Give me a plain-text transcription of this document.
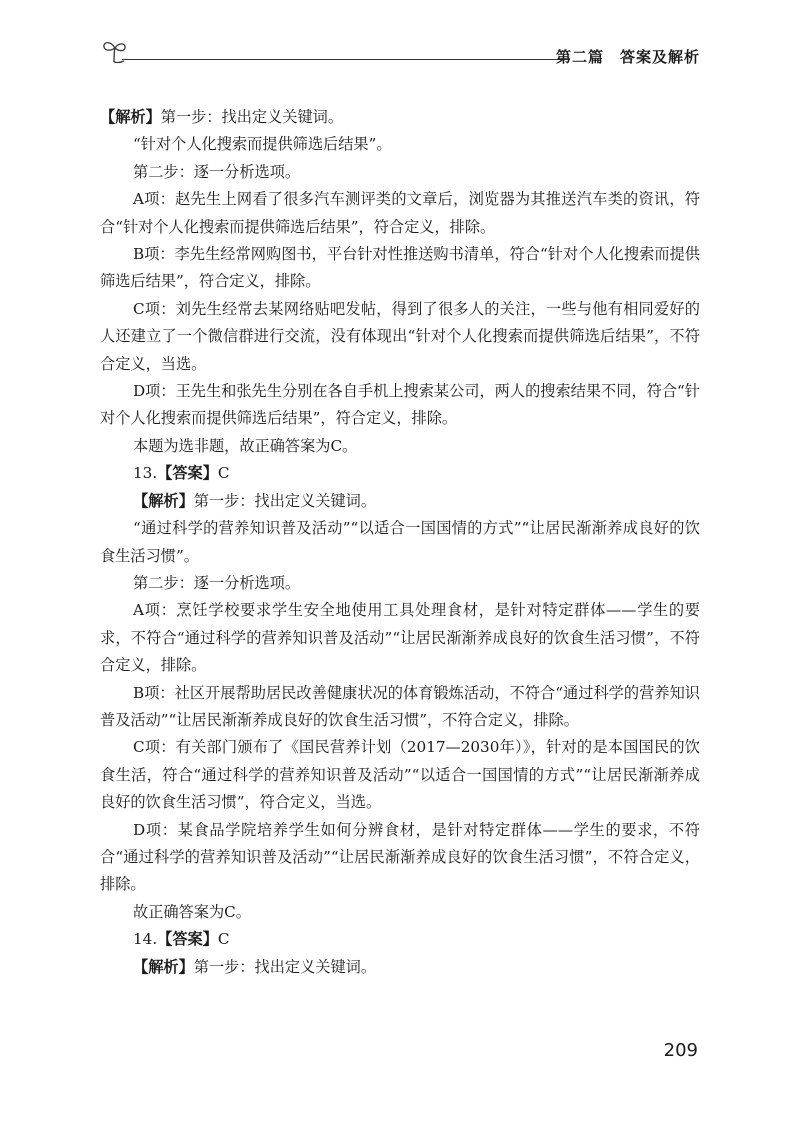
第二篇　答案及解析

【解析】第一步：找出定义关键词。

“针对个人化搜索而提供筛选后结果”。

第二步：逐一分析选项。

A项：赵先生上网看了很多汽车测评类的文章后，浏览器为其推送汽车类的资讯，符合“针对个人化搜索而提供筛选后结果”，符合定义，排除。

B项：李先生经常网购图书，平台针对性推送购书清单，符合“针对个人化搜索而提供筛选后结果”，符合定义，排除。

C项：刘先生经常去某网络贴吧发帖，得到了很多人的关注，一些与他有相同爱好的人还建立了一个微信群进行交流，没有体现出“针对个人化搜索而提供筛选后结果”，不符合定义，当选。

D项：王先生和张先生分别在各自手机上搜索某公司，两人的搜索结果不同，符合“针对个人化搜索而提供筛选后结果”，符合定义，排除。

本题为选非题，故正确答案为C。

13.【答案】C

【解析】第一步：找出定义关键词。

“通过科学的营养知识普及活动”“以适合一国国情的方式”“让居民渐渐养成良好的饮食生活习惯”。

第二步：逐一分析选项。

A项：烹饪学校要求学生安全地使用工具处理食材，是针对特定群体——学生的要求，不符合“通过科学的营养知识普及活动”“让居民渐渐养成良好的饮食生活习惯”，不符合定义，排除。

B项：社区开展帮助居民改善健康状况的体育锻炼活动，不符合“通过科学的营养知识普及活动”“让居民渐渐养成良好的饮食生活习惯”，不符合定义，排除。

C项：有关部门颁布了《国民营养计划（2017—2030年）》，针对的是本国国民的饮食生活，符合“通过科学的营养知识普及活动”“以适合一国国情的方式”“让居民渐渐养成良好的饮食生活习惯”，符合定义，当选。

D项：某食品学院培养学生如何分辨食材，是针对特定群体——学生的要求，不符合“通过科学的营养知识普及活动”“让居民渐渐养成良好的饮食生活习惯”，不符合定义，排除。

故正确答案为C。

14.【答案】C

【解析】第一步：找出定义关键词。

209
